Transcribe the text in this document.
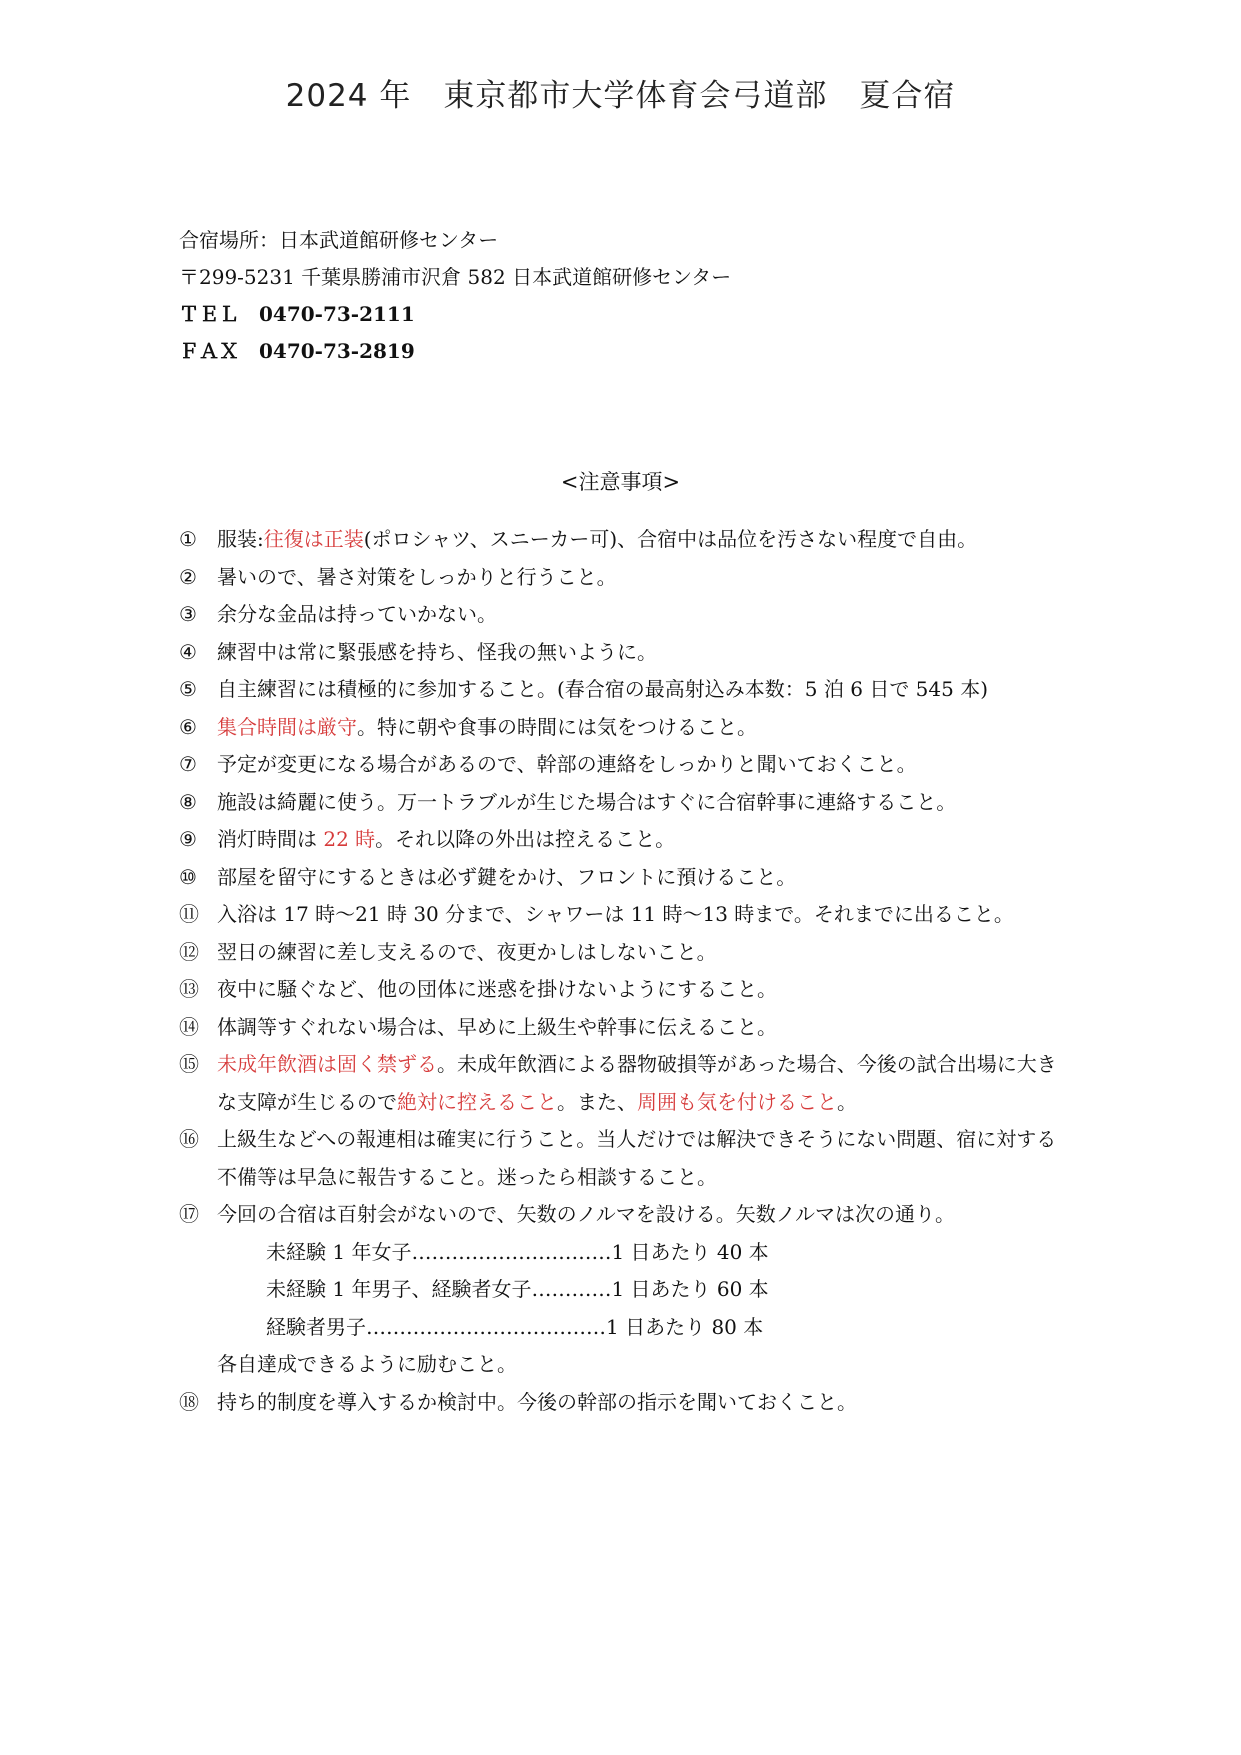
2024 年　東京都市大学体育会弓道部　夏合宿
合宿場所：日本武道館研修センター
〒299-5231 千葉県勝浦市沢倉 582 日本武道館研修センター
ＴＥＬ　0470-73-2111
ＦＡＸ　0470-73-2819
<注意事項>
① 服装:往復は正装(ポロシャツ、スニーカー可)、合宿中は品位を汚さない程度で自由。
② 暑いので、暑さ対策をしっかりと行うこと。
③ 余分な金品は持っていかない。
④ 練習中は常に緊張感を持ち、怪我の無いように。
⑤ 自主練習には積極的に参加すること。(春合宿の最高射込み本数：5 泊 6 日で 545 本)
⑥ 集合時間は厳守。特に朝や食事の時間には気をつけること。
⑦ 予定が変更になる場合があるので、幹部の連絡をしっかりと聞いておくこと。
⑧ 施設は綺麗に使う。万一トラブルが生じた場合はすぐに合宿幹事に連絡すること。
⑨ 消灯時間は 22 時。それ以降の外出は控えること。
⑩ 部屋を留守にするときは必ず鍵をかけ、フロントに預けること。
⑪ 入浴は 17 時〜21 時 30 分まで、シャワーは 11 時〜13 時まで。それまでに出ること。
⑫ 翌日の練習に差し支えるので、夜更かしはしないこと。
⑬ 夜中に騒ぐなど、他の団体に迷惑を掛けないようにすること。
⑭ 体調等すぐれない場合は、早めに上級生や幹事に伝えること。
⑮ 未成年飲酒は固く禁ずる。未成年飲酒による器物破損等があった場合、今後の試合出場に大きな支障が生じるので絶対に控えること。また、周囲も気を付けること。
⑯ 上級生などへの報連相は確実に行うこと。当人だけでは解決できそうにない問題、宿に対する不備等は早急に報告すること。迷ったら相談すること。
⑰ 今回の合宿は百射会がないので、矢数のノルマを設ける。矢数ノルマは次の通り。
未経験 1 年女子…………………………1 日あたり 40 本
未経験 1 年男子、経験者女子…………1 日あたり 60 本
経験者男子………………………………1 日あたり 80 本
各自達成できるように励むこと。
⑱ 持ち的制度を導入するか検討中。今後の幹部の指示を聞いておくこと。
